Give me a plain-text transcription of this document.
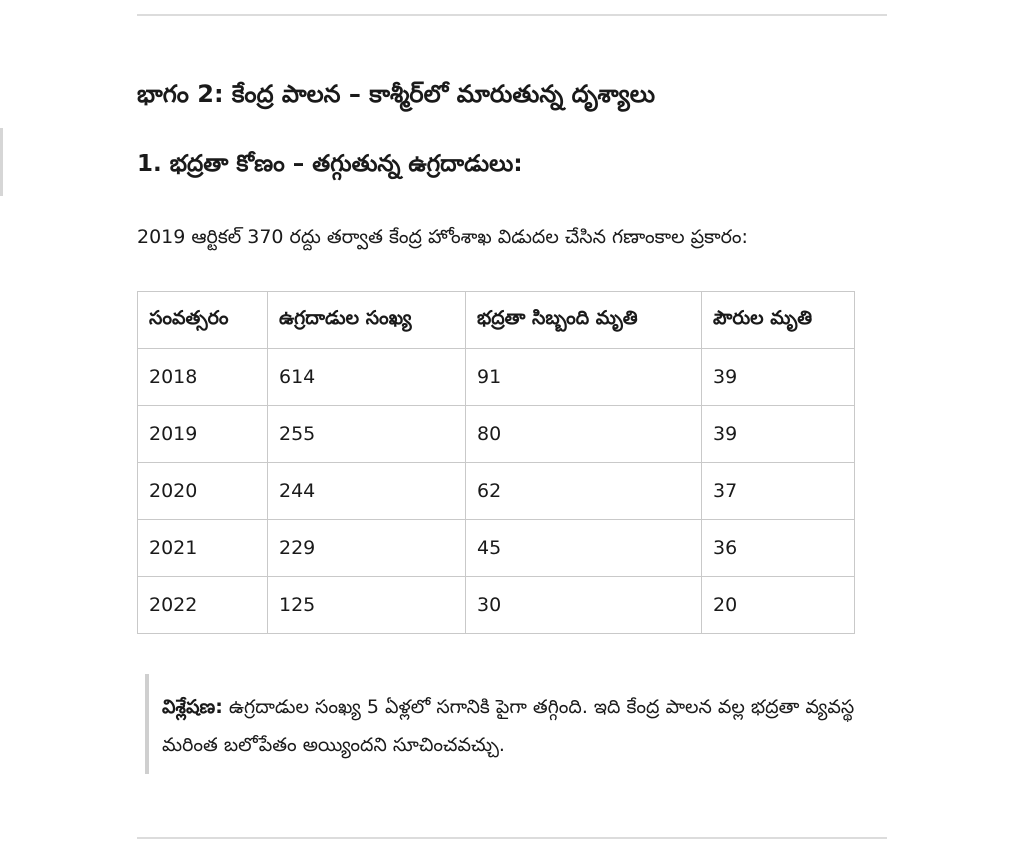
భాగం 2: కేంద్ర పాలన – కాశ్మీర్‌లో మారుతున్న దృశ్యాలు
1. భద్రతా కోణం – తగ్గుతున్న ఉగ్రదాడులు:

2019 ఆర్టికల్ 370 రద్దు తర్వాత కేంద్ర హోంశాఖ విడుదల చేసిన గణాంకాల ప్రకారం:

సంవత్సరం	ఉగ్రదాడుల సంఖ్య	భద్రతా సిబ్బంది మృతి	పౌరుల మృతి
2018	614	91	39
2019	255	80	39
2020	244	62	37
2021	229	45	36
2022	125	30	20
విశ్లేషణ: ఉగ్రదాడుల సంఖ్య 5 ఏళ్లలో సగానికి పైగా తగ్గింది. ఇది కేంద్ర పాలన వల్ల భద్రతా వ్యవస్థ మరింత బలోపేతం అయ్యిందని సూచించవచ్చు.
